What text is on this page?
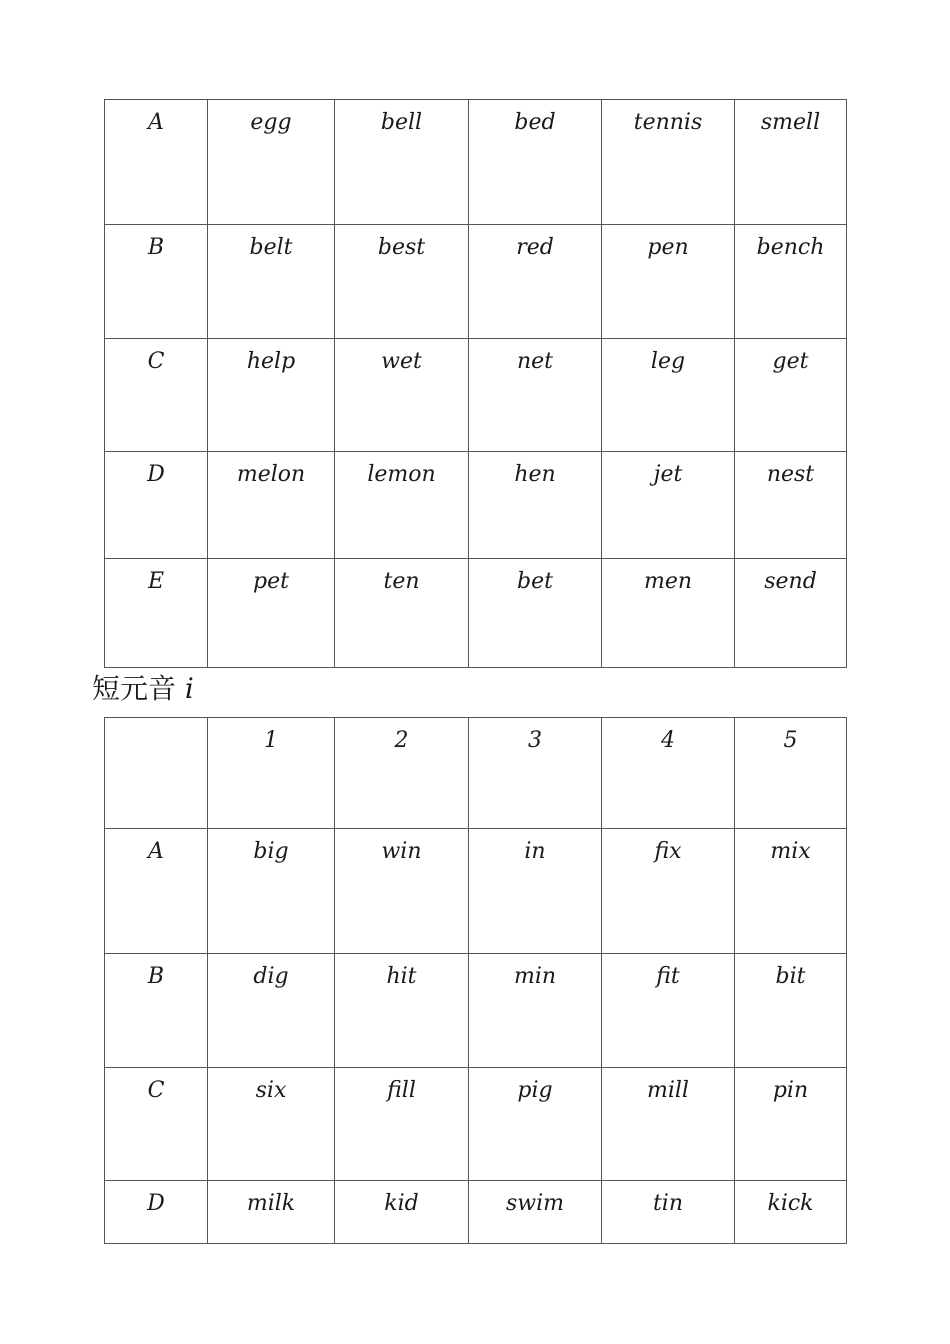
A	egg	bell	bed	tennis	smell
B	belt	best	red	pen	bench
C	help	wet	net	leg	get
D	melon	lemon	hen	jet	nest
E	pet	ten	bet	men	send
短元音 i
	1	2	3	4	5
A	big	win	in	fix	mix
B	dig	hit	min	fit	bit
C	six	fill	pig	mill	pin
D	milk	kid	swim	tin	kick
